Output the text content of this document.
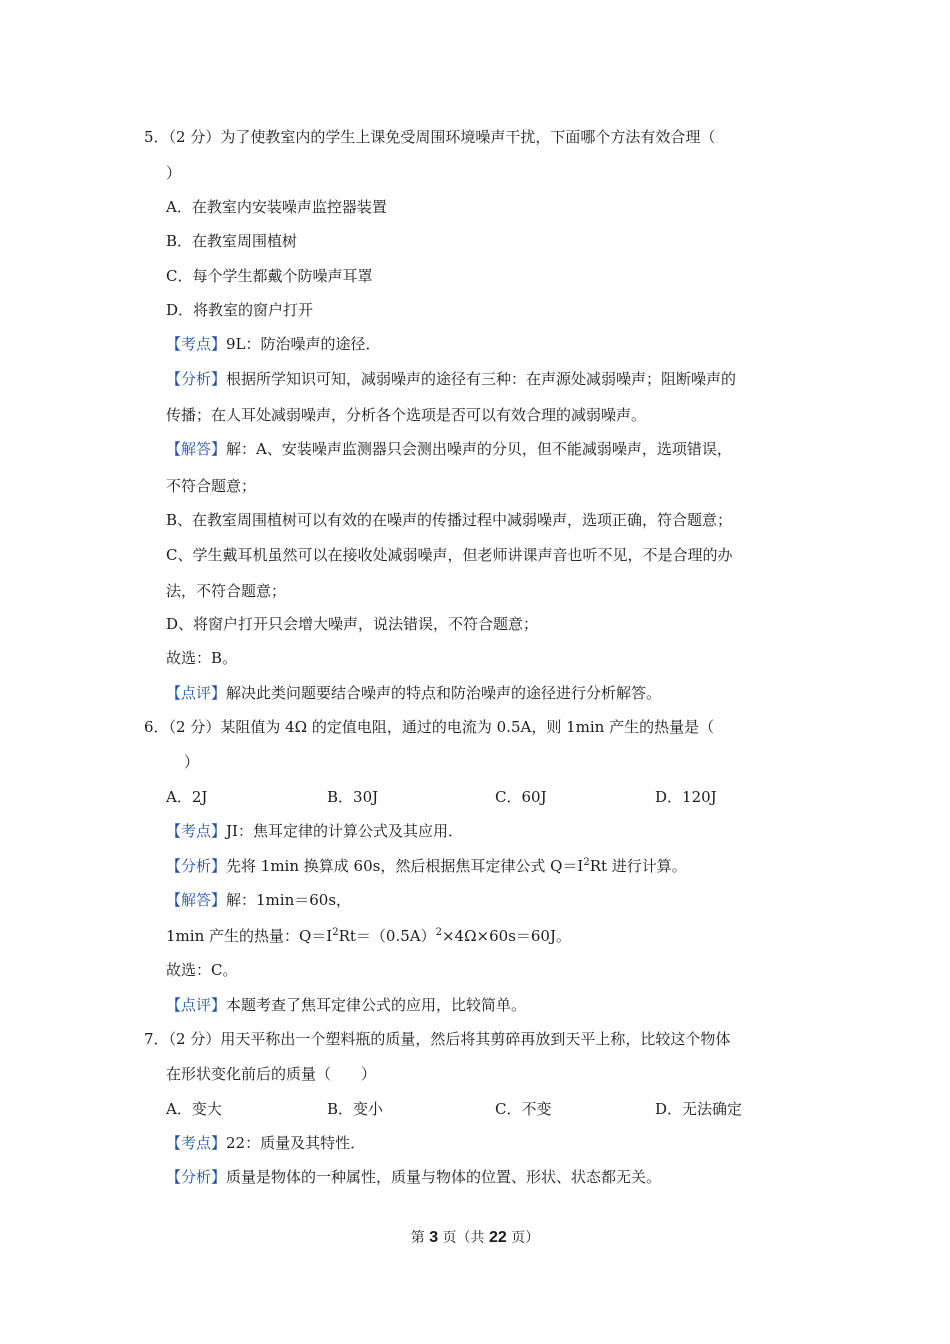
5．（2 分）为了使教室内的学生上课免受周围环境噪声干扰，下面哪个方法有效合理（
）
A．在教室内安装噪声监控器装置
B．在教室周围植树
C．每个学生都戴个防噪声耳罩
D．将教室的窗户打开
【考点】9L：防治噪声的途径．
【分析】根据所学知识可知，减弱噪声的途径有三种：在声源处减弱噪声；阻断噪声的
传播；在人耳处减弱噪声，分析各个选项是否可以有效合理的减弱噪声。
【解答】解：A、安装噪声监测器只会测出噪声的分贝，但不能减弱噪声，选项错误，
不符合题意；
B、在教室周围植树可以有效的在噪声的传播过程中减弱噪声，选项正确，符合题意；
C、学生戴耳机虽然可以在接收处减弱噪声，但老师讲课声音也听不见，不是合理的办
法，不符合题意；
D、将窗户打开只会增大噪声，说法错误，不符合题意；
故选：B。
【点评】解决此类问题要结合噪声的特点和防治噪声的途径进行分析解答。
6．（2 分）某阻值为 4Ω 的定值电阻，通过的电流为 0.5A，则 1min 产生的热量是（
）
A．2J	B．30J	C．60J	D．120J
【考点】JI：焦耳定律的计算公式及其应用．
【分析】先将 1min 换算成 60s，然后根据焦耳定律公式 $Q=I^2Rt$ 进行计算。
【解答】解：1min＝60s，
1min 产生的热量：$Q=I^2Rt=(0.5A)^2\times 4\Omega\times 60s=60J$。
故选：C。
【点评】本题考查了焦耳定律公式的应用，比较简单。
7．（2 分）用天平称出一个塑料瓶的质量，然后将其剪碎再放到天平上称，比较这个物体
在形状变化前后的质量（　　）
A．变大	B．变小	C．不变	D．无法确定
【考点】22：质量及其特性．
【分析】质量是物体的一种属性，质量与物体的位置、形状、状态都无关。
第 3 页（共 22 页）
